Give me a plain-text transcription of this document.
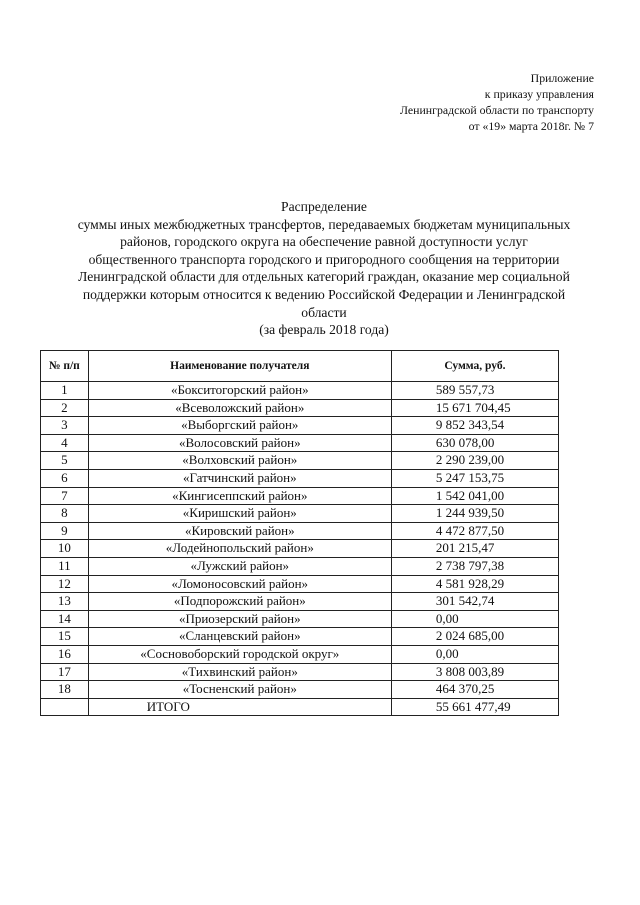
Приложение
к приказу управления
Ленинградской области по транспорту
от «19» марта 2018г. № 7
Распределение
суммы иных межбюджетных трансфертов, передаваемых бюджетам муниципальных
районов, городского округа на обеспечение равной доступности услуг
общественного транспорта городского и пригородного сообщения на территории
Ленинградской области для отдельных категорий граждан, оказание мер социальной
поддержки которым относится к ведению Российской Федерации и Ленинградской
области
(за февраль 2018 года)
№ п/п	Наименование получателя	Сумма, руб.
1	«Бокситогорский район»	589 557,73
2	«Всеволожский район»	15 671 704,45
3	«Выборгский район»	9 852 343,54
4	«Волосовский район»	630 078,00
5	«Волховский район»	2 290 239,00
6	«Гатчинский район»	5 247 153,75
7	«Кингисеппский район»	1 542 041,00
8	«Киришский район»	1 244 939,50
9	«Кировский район»	4 472 877,50
10	«Лодейнопольский район»	201 215,47
11	«Лужский район»	2 738 797,38
12	«Ломоносовский район»	4 581 928,29
13	«Подпорожский район»	301 542,74
14	«Приозерский район»	0,00
15	«Сланцевский район»	2 024 685,00
16	«Сосновоборский городской округ»	0,00
17	«Тихвинский район»	3 808 003,89
18	«Тосненский район»	464 370,25
	ИТОГО	55 661 477,49
